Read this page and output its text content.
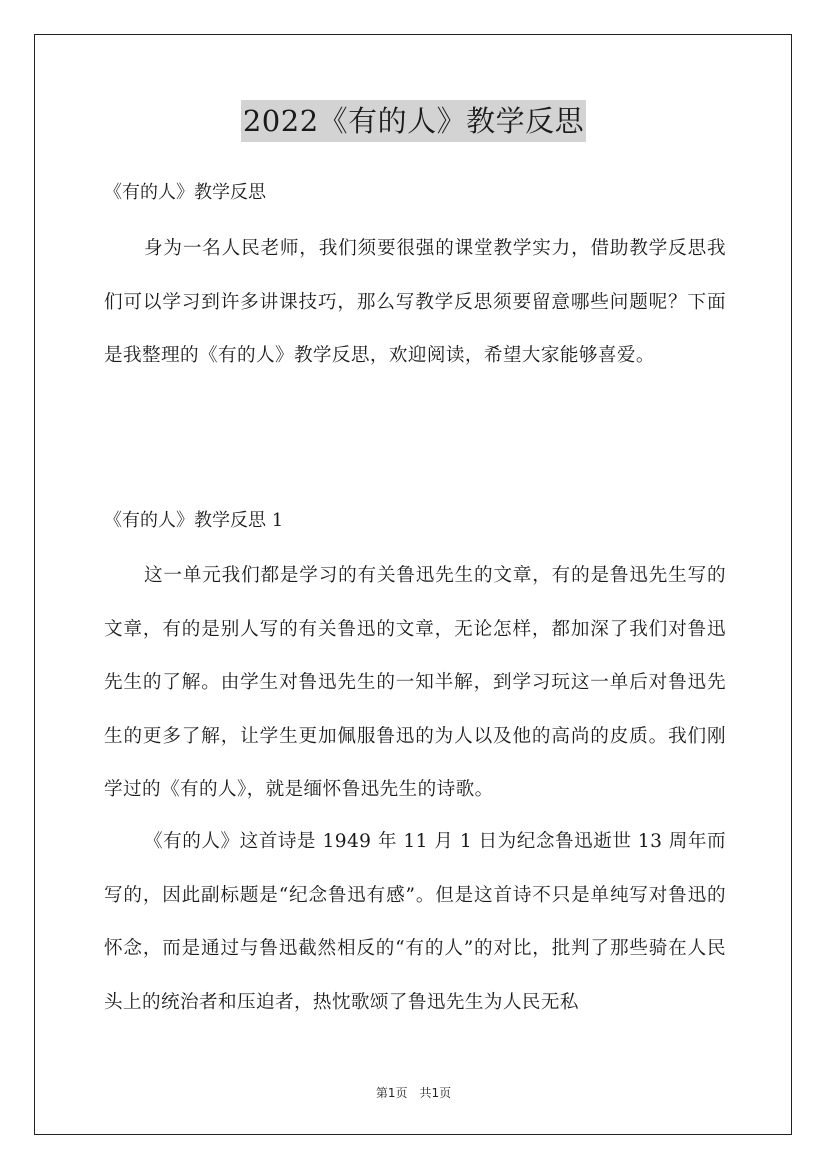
2022《有的人》教学反思
《有的人》教学反思

身为一名人民老师，我们须要很强的课堂教学实力，借助教学反思我们可以学习到许多讲课技巧，那么写教学反思须要留意哪些问题呢？下面是我整理的《有的人》教学反思，欢迎阅读，希望大家能够喜爱。

《有的人》教学反思 1

这一单元我们都是学习的有关鲁迅先生的文章，有的是鲁迅先生写的文章，有的是别人写的有关鲁迅的文章，无论怎样，都加深了我们对鲁迅先生的了解。由学生对鲁迅先生的一知半解，到学习玩这一单后对鲁迅先生的更多了解，让学生更加佩服鲁迅的为人以及他的高尚的皮质。我们刚学过的《有的人》，就是缅怀鲁迅先生的诗歌。

《有的人》这首诗是 1949 年 11 月 1 日为纪念鲁迅逝世 13 周年而写的，因此副标题是“纪念鲁迅有感”。但是这首诗不只是单纯写对鲁迅的怀念，而是通过与鲁迅截然相反的“有的人”的对比，批判了那些骑在人民头上的统治者和压迫者，热忱歌颂了鲁迅先生为人民无私

第1页　共1页
